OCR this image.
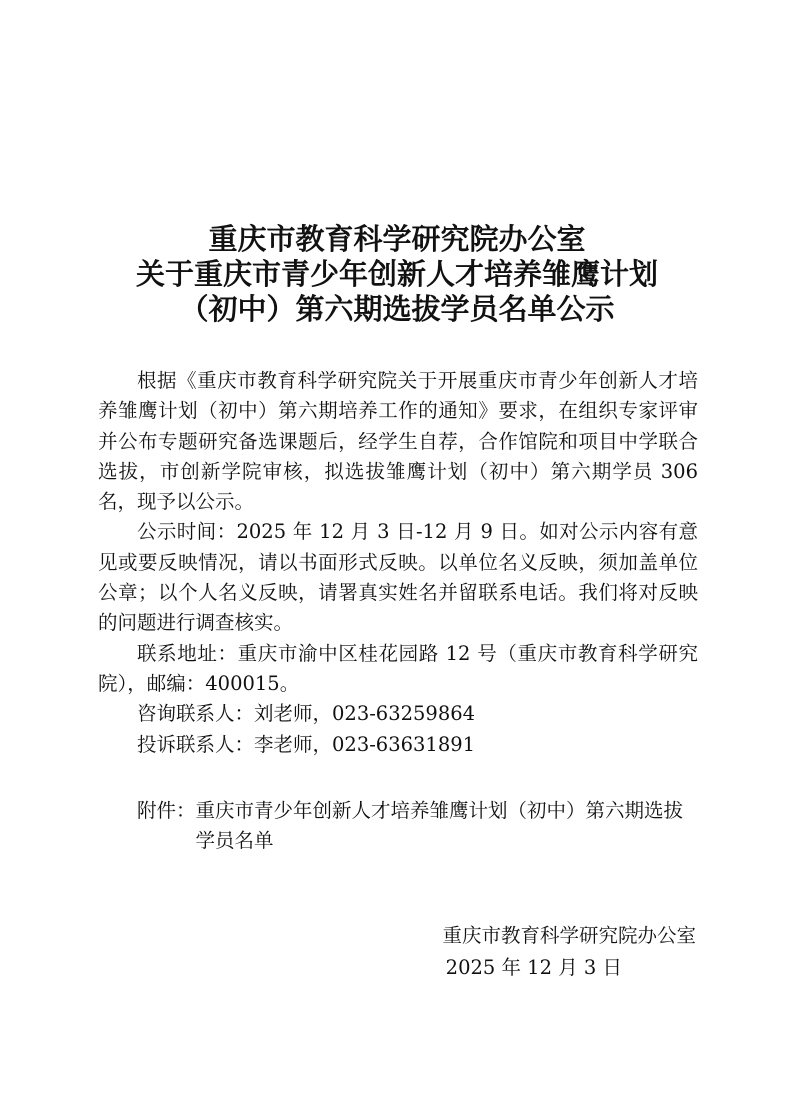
重庆市教育科学研究院办公室
关于重庆市青少年创新人才培养雏鹰计划
（初中）第六期选拔学员名单公示

根据《重庆市教育科学研究院关于开展重庆市青少年创新人才培养雏鹰计划（初中）第六期培养工作的通知》要求，在组织专家评审并公布专题研究备选课题后，经学生自荐，合作馆院和项目中学联合选拔，市创新学院审核，拟选拔雏鹰计划（初中）第六期学员 306 名，现予以公示。

公示时间：2025 年 12 月 3 日-12 月 9 日。如对公示内容有意见或要反映情况，请以书面形式反映。以单位名义反映，须加盖单位公章；以个人名义反映，请署真实姓名并留联系电话。我们将对反映的问题进行调查核实。

联系地址：重庆市渝中区桂花园路 12 号（重庆市教育科学研究院），邮编：400015。

咨询联系人：刘老师，023-63259864

投诉联系人：李老师，023-63631891

附件： 重庆市青少年创新人才培养雏鹰计划（初中）第六期选拔学员名单
重庆市教育科学研究院办公室
2025 年 12 月 3 日
